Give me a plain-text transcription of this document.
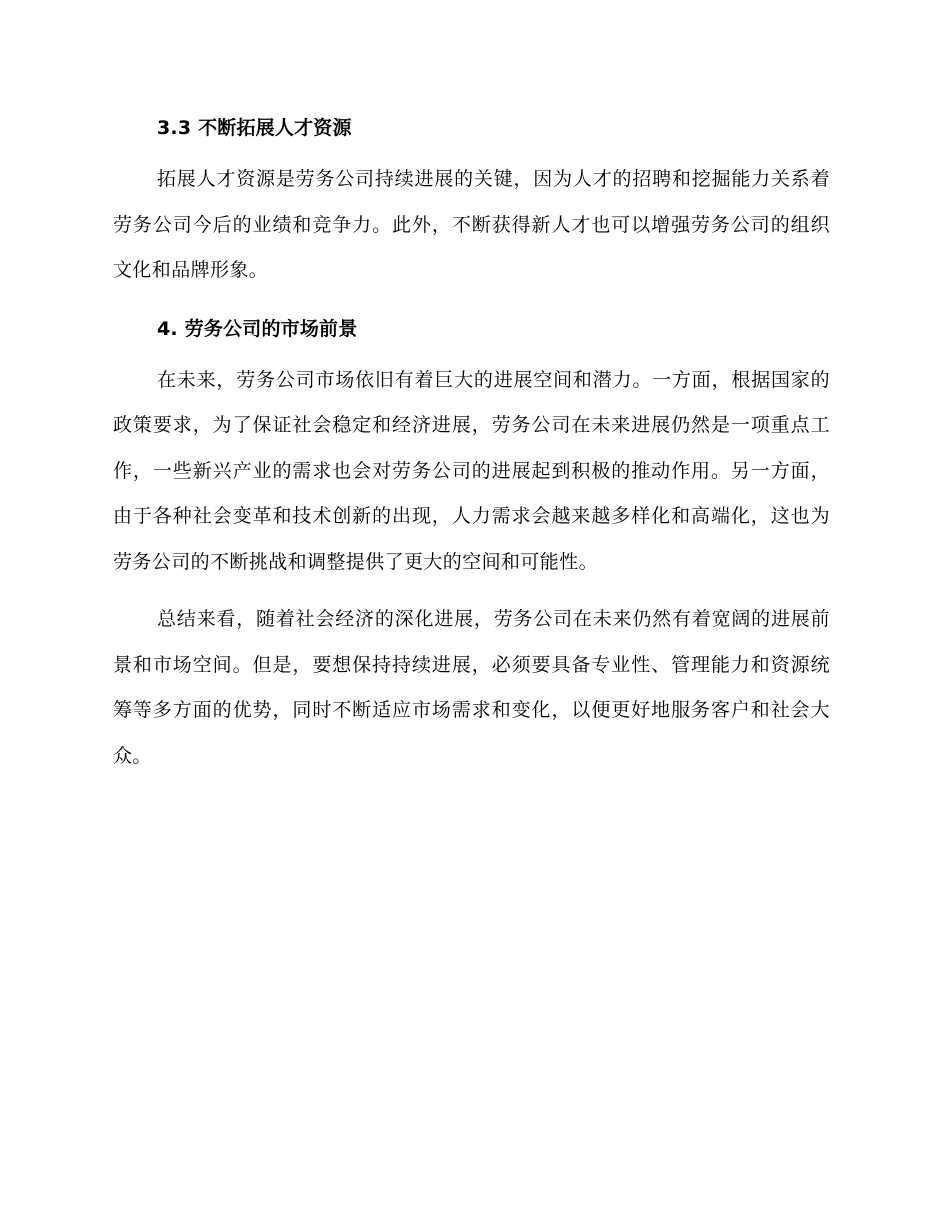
3.3 不断拓展人才资源

拓展人才资源是劳务公司持续进展的关键，因为人才的招聘和挖掘能力关系着劳务公司今后的业绩和竞争力。此外，不断获得新人才也可以增强劳务公司的组织文化和品牌形象。

4. 劳务公司的市场前景

在未来，劳务公司市场依旧有着巨大的进展空间和潜力。一方面，根据国家的政策要求，为了保证社会稳定和经济进展，劳务公司在未来进展仍然是一项重点工作，一些新兴产业的需求也会对劳务公司的进展起到积极的推动作用。另一方面，由于各种社会变革和技术创新的出现，人力需求会越来越多样化和高端化，这也为劳务公司的不断挑战和调整提供了更大的空间和可能性。

总结来看，随着社会经济的深化进展，劳务公司在未来仍然有着宽阔的进展前景和市场空间。但是，要想保持持续进展，必须要具备专业性、管理能力和资源统筹等多方面的优势，同时不断适应市场需求和变化，以便更好地服务客户和社会大众。
